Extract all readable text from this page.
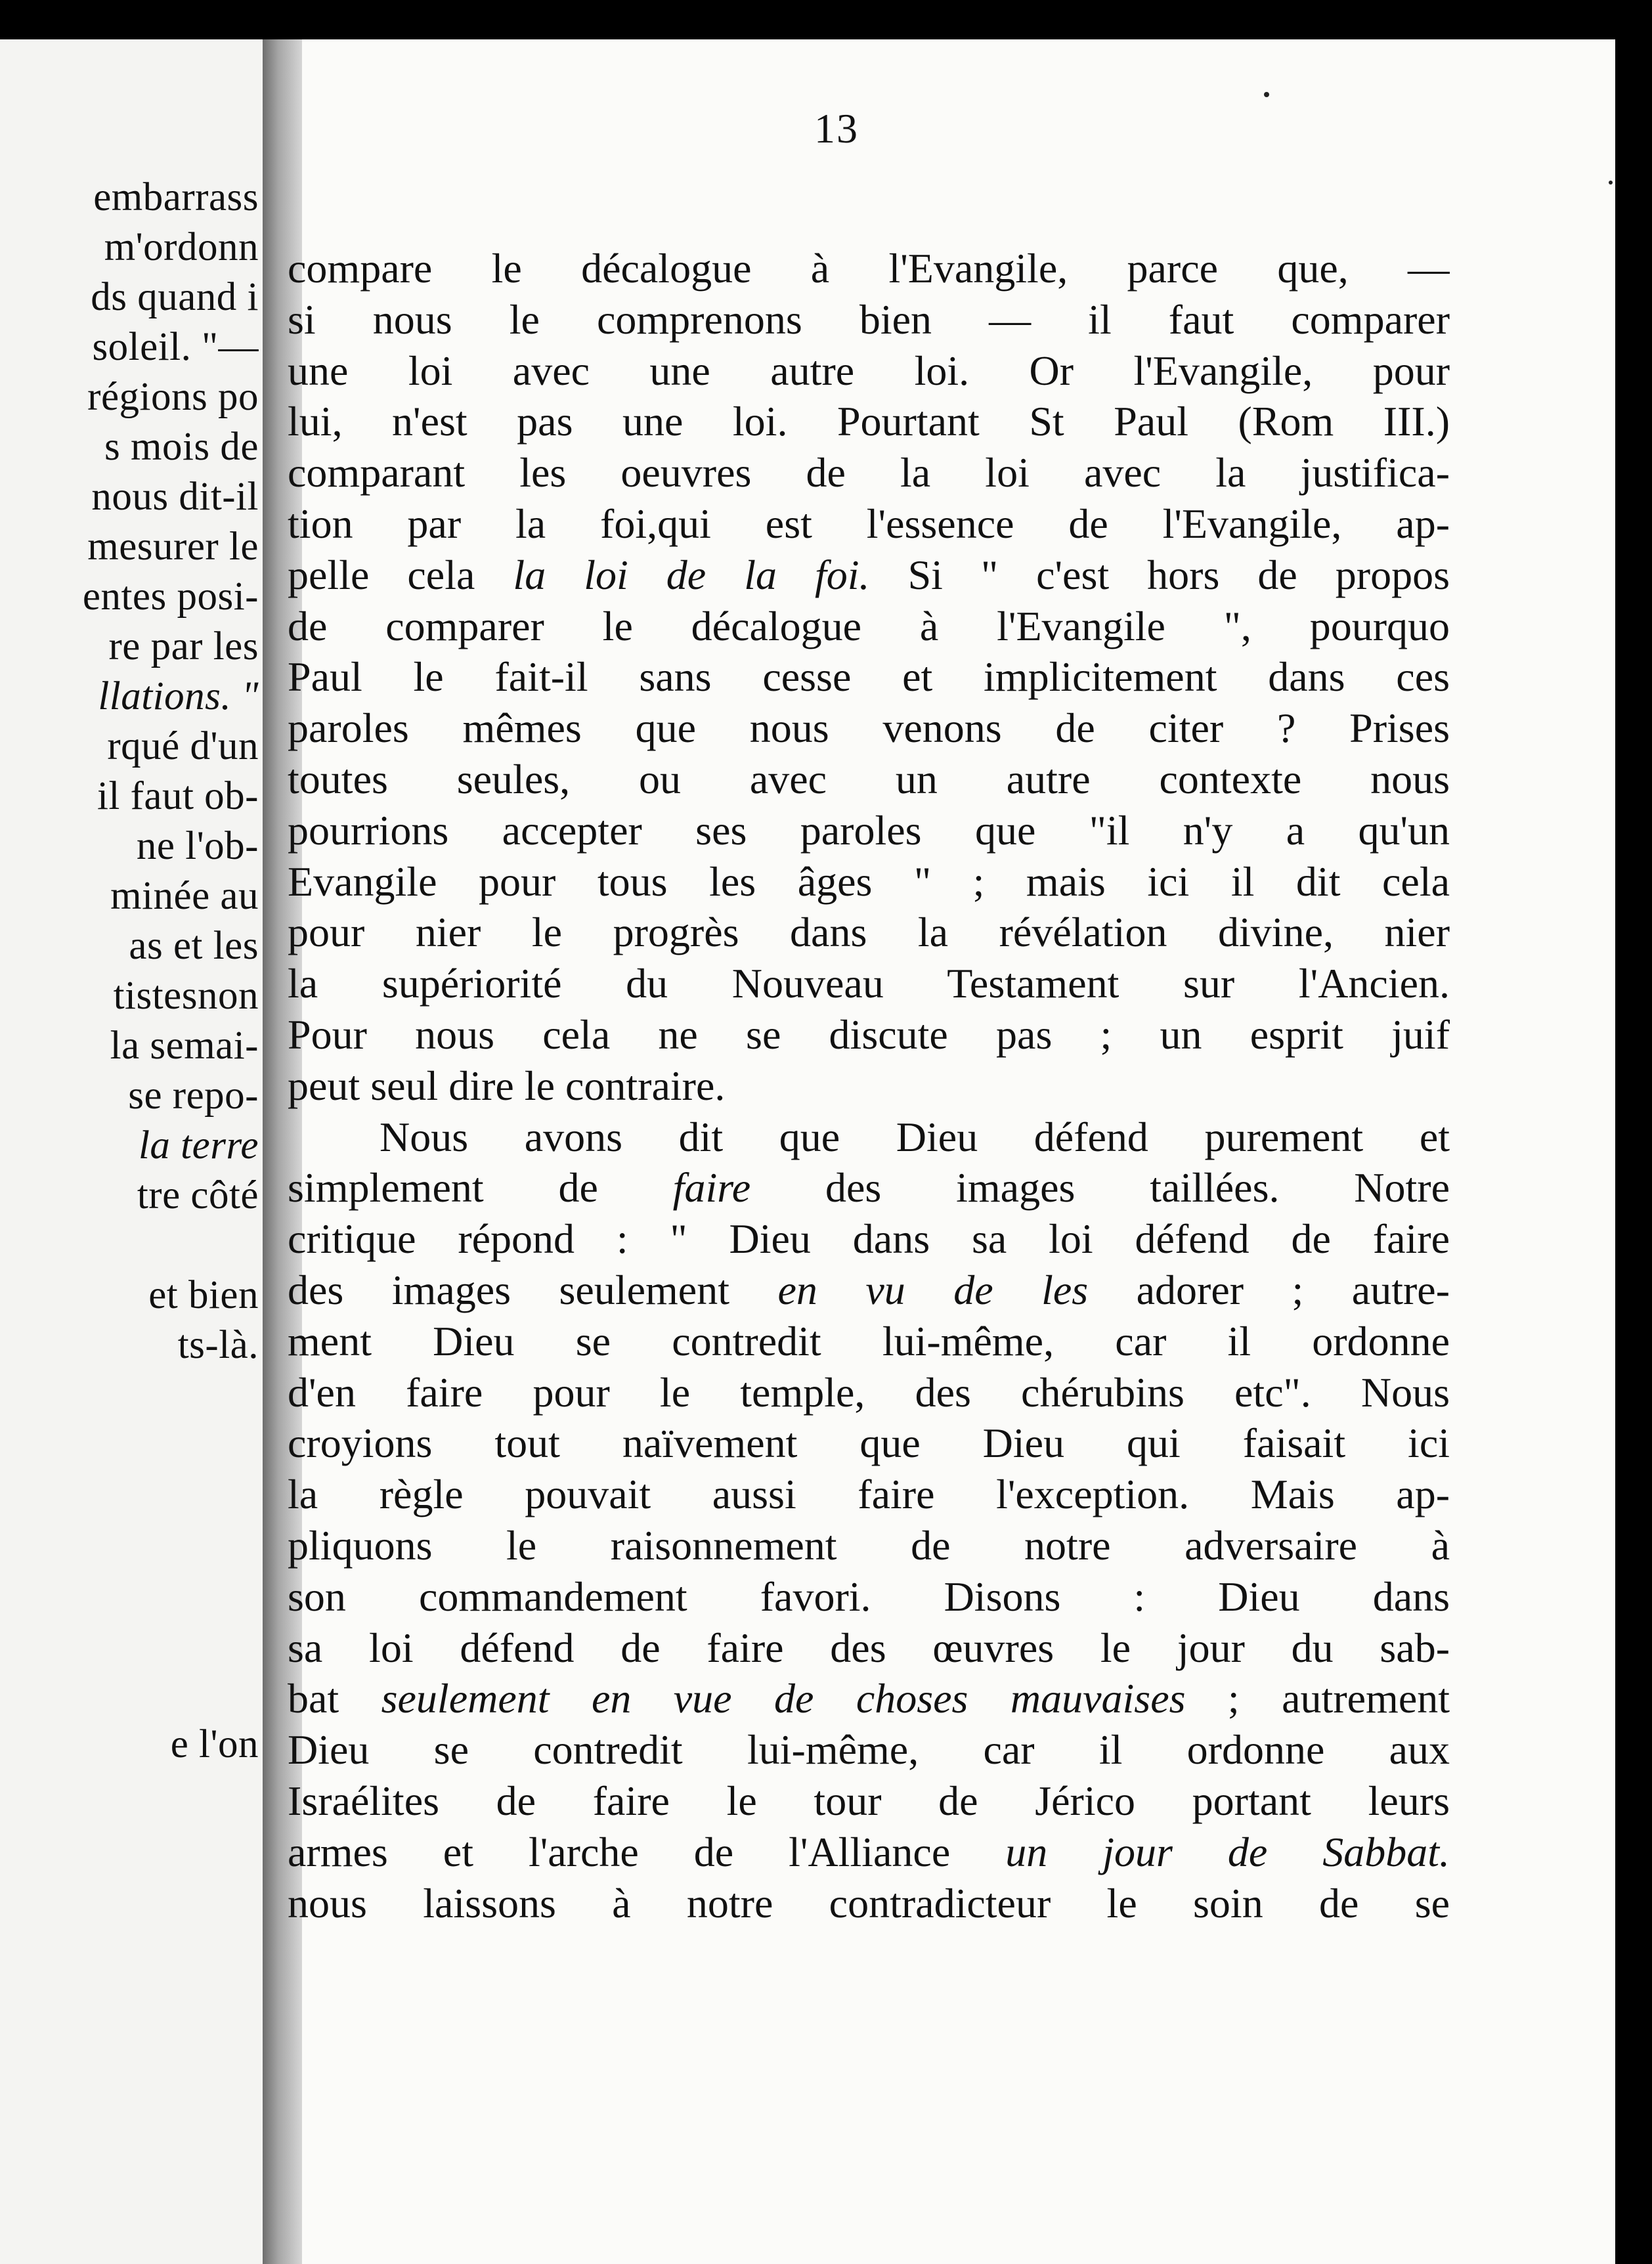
embarrass
m'ordonn
ds quand i
soleil. "—
régions po
s mois de
nous dit-il
mesurer le
entes posi-
re par les
llations. "
rqué d'un
il faut ob-
ne l'ob-
minée au
as et les
tistesnon
la semai-
se repo-
la terre
tre côté
et bien
ts-là.
e l'on
13
compare le décalogue à l'Evangile, parce que, —
si nous le comprenons bien — il faut comparer
une loi avec une autre loi. Or l'Evangile, pour
lui, n'est pas une loi. Pourtant St Paul (Rom III.)
comparant les oeuvres de la loi avec la justifica-
tion par la foi,qui est l'essence de l'Evangile, ap-
pelle cela la loi de la foi. Si " c'est hors de propos
de comparer le décalogue à l'Evangile ", pourquo
Paul le fait-il sans cesse et implicitement dans ces
paroles mêmes que nous venons de citer ? Prises
toutes seules, ou avec un autre contexte nous
pourrions accepter ses paroles que "il n'y a qu'un
Evangile pour tous les âges " ; mais ici il dit cela
pour nier le progrès dans la révélation divine, nier
la supériorité du Nouveau Testament sur l'Ancien.
Pour nous cela ne se discute pas ; un esprit juif
peut seul dire le contraire.
Nous avons dit que Dieu défend purement et
simplement de faire des images taillées. Notre
critique répond : " Dieu dans sa loi défend de faire
des images seulement en vu de les adorer ; autre-
ment Dieu se contredit lui-même, car il ordonne
d'en faire pour le temple, des chérubins etc". Nous
croyions tout naïvement que Dieu qui faisait ici
la règle pouvait aussi faire l'exception. Mais ap-
pliquons le raisonnement de notre adversaire à
son commandement favori. Disons : Dieu dans
sa loi défend de faire des œuvres le jour du sab-
bat seulement en vue de choses mauvaises ; autrement
Dieu se contredit lui-même, car il ordonne aux
Israélites de faire le tour de Jérico portant leurs
armes et l'arche de l'Alliance un jour de Sabbat.
nous laissons à notre contradicteur le soin de se
